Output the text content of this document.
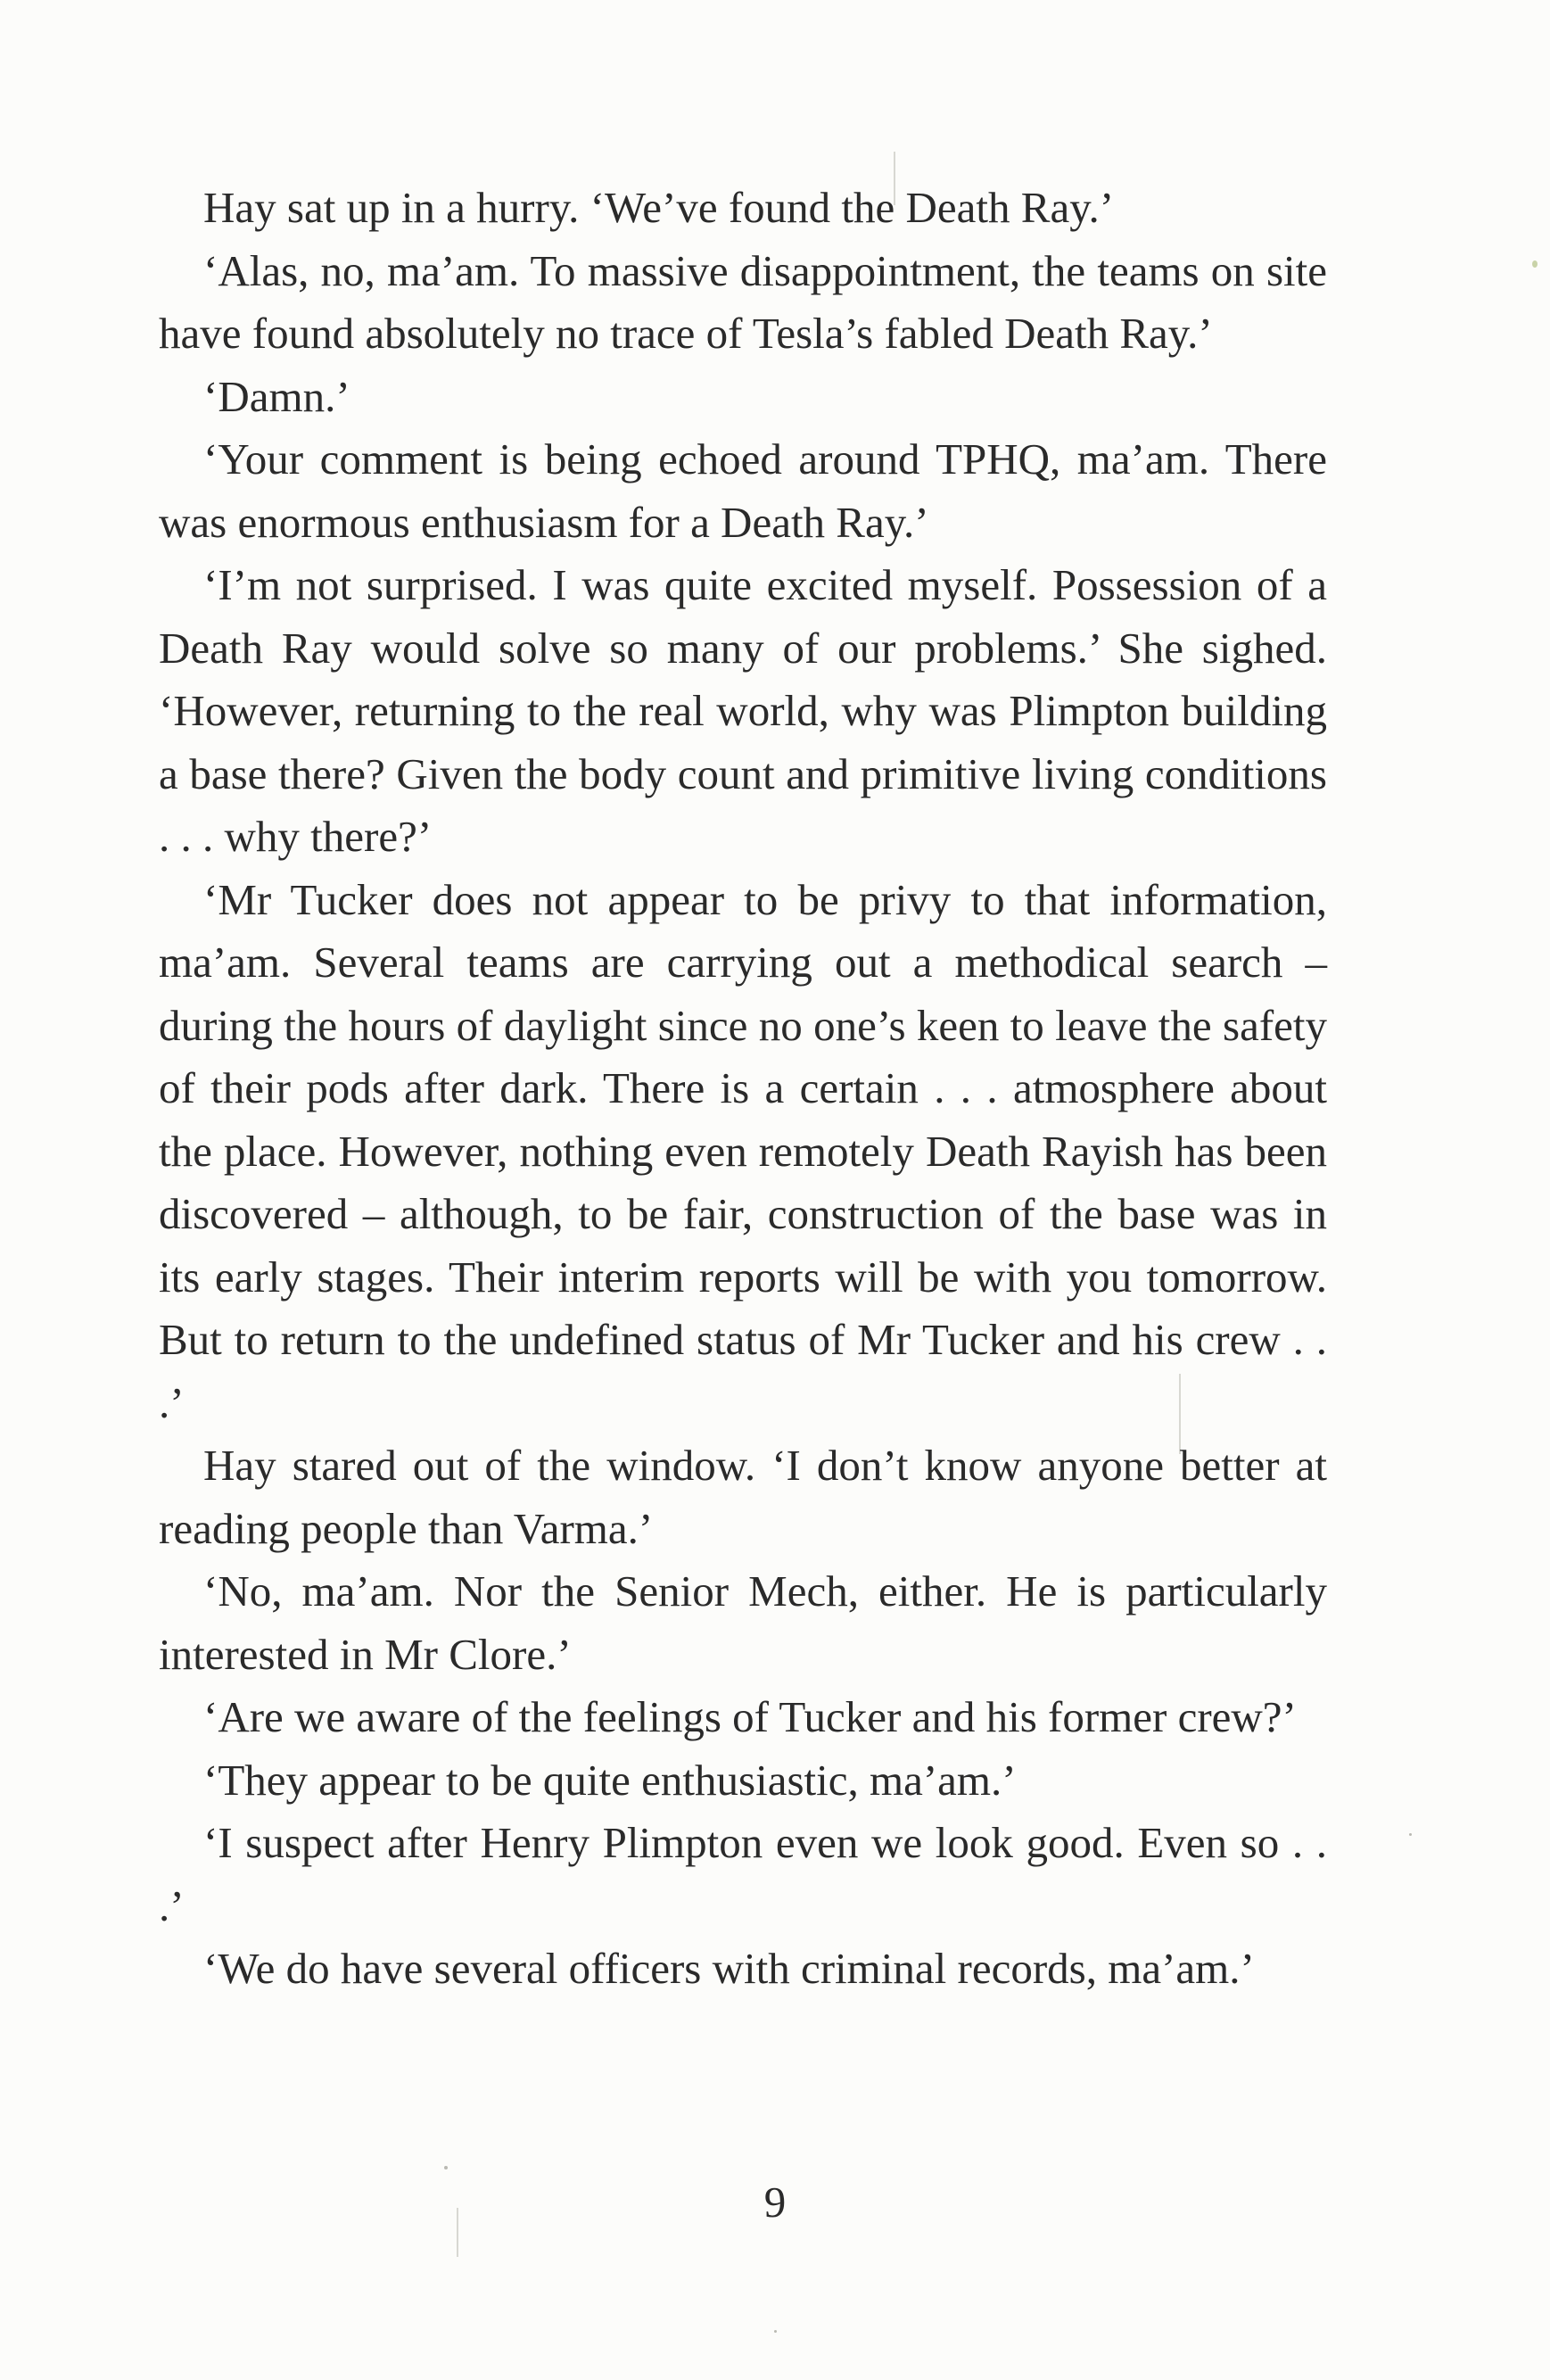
Hay sat up in a hurry. ‘We’ve found the Death Ray.’

‘Alas, no, ma’am. To massive disappointment, the teams on site have found absolutely no trace of Tesla’s fabled Death Ray.’

‘Damn.’

‘Your comment is being echoed around TPHQ, ma’am. There was enormous enthusiasm for a Death Ray.’

‘I’m not surprised. I was quite excited myself. Possession of a Death Ray would solve so many of our problems.’ She sighed. ‘However, returning to the real world, why was Plimpton building a base there? Given the body count and primitive living conditions . . . why there?’

‘Mr Tucker does not appear to be privy to that information, ma’am. Several teams are carrying out a methodical search – during the hours of daylight since no one’s keen to leave the safety of their pods after dark. There is a certain . . . atmosphere about the place. However, nothing even remotely Death Rayish has been discovered – although, to be fair, construction of the base was in its early stages. Their interim reports will be with you tomorrow. But to return to the undefined status of Mr Tucker and his crew . . .’

Hay stared out of the window. ‘I don’t know anyone better at reading people than Varma.’

‘No, ma’am. Nor the Senior Mech, either. He is particularly interested in Mr Clore.’

‘Are we aware of the feelings of Tucker and his former crew?’

‘They appear to be quite enthusiastic, ma’am.’

‘I suspect after Henry Plimpton even we look good. Even so . . .’

‘We do have several officers with criminal records, ma’am.’

9
